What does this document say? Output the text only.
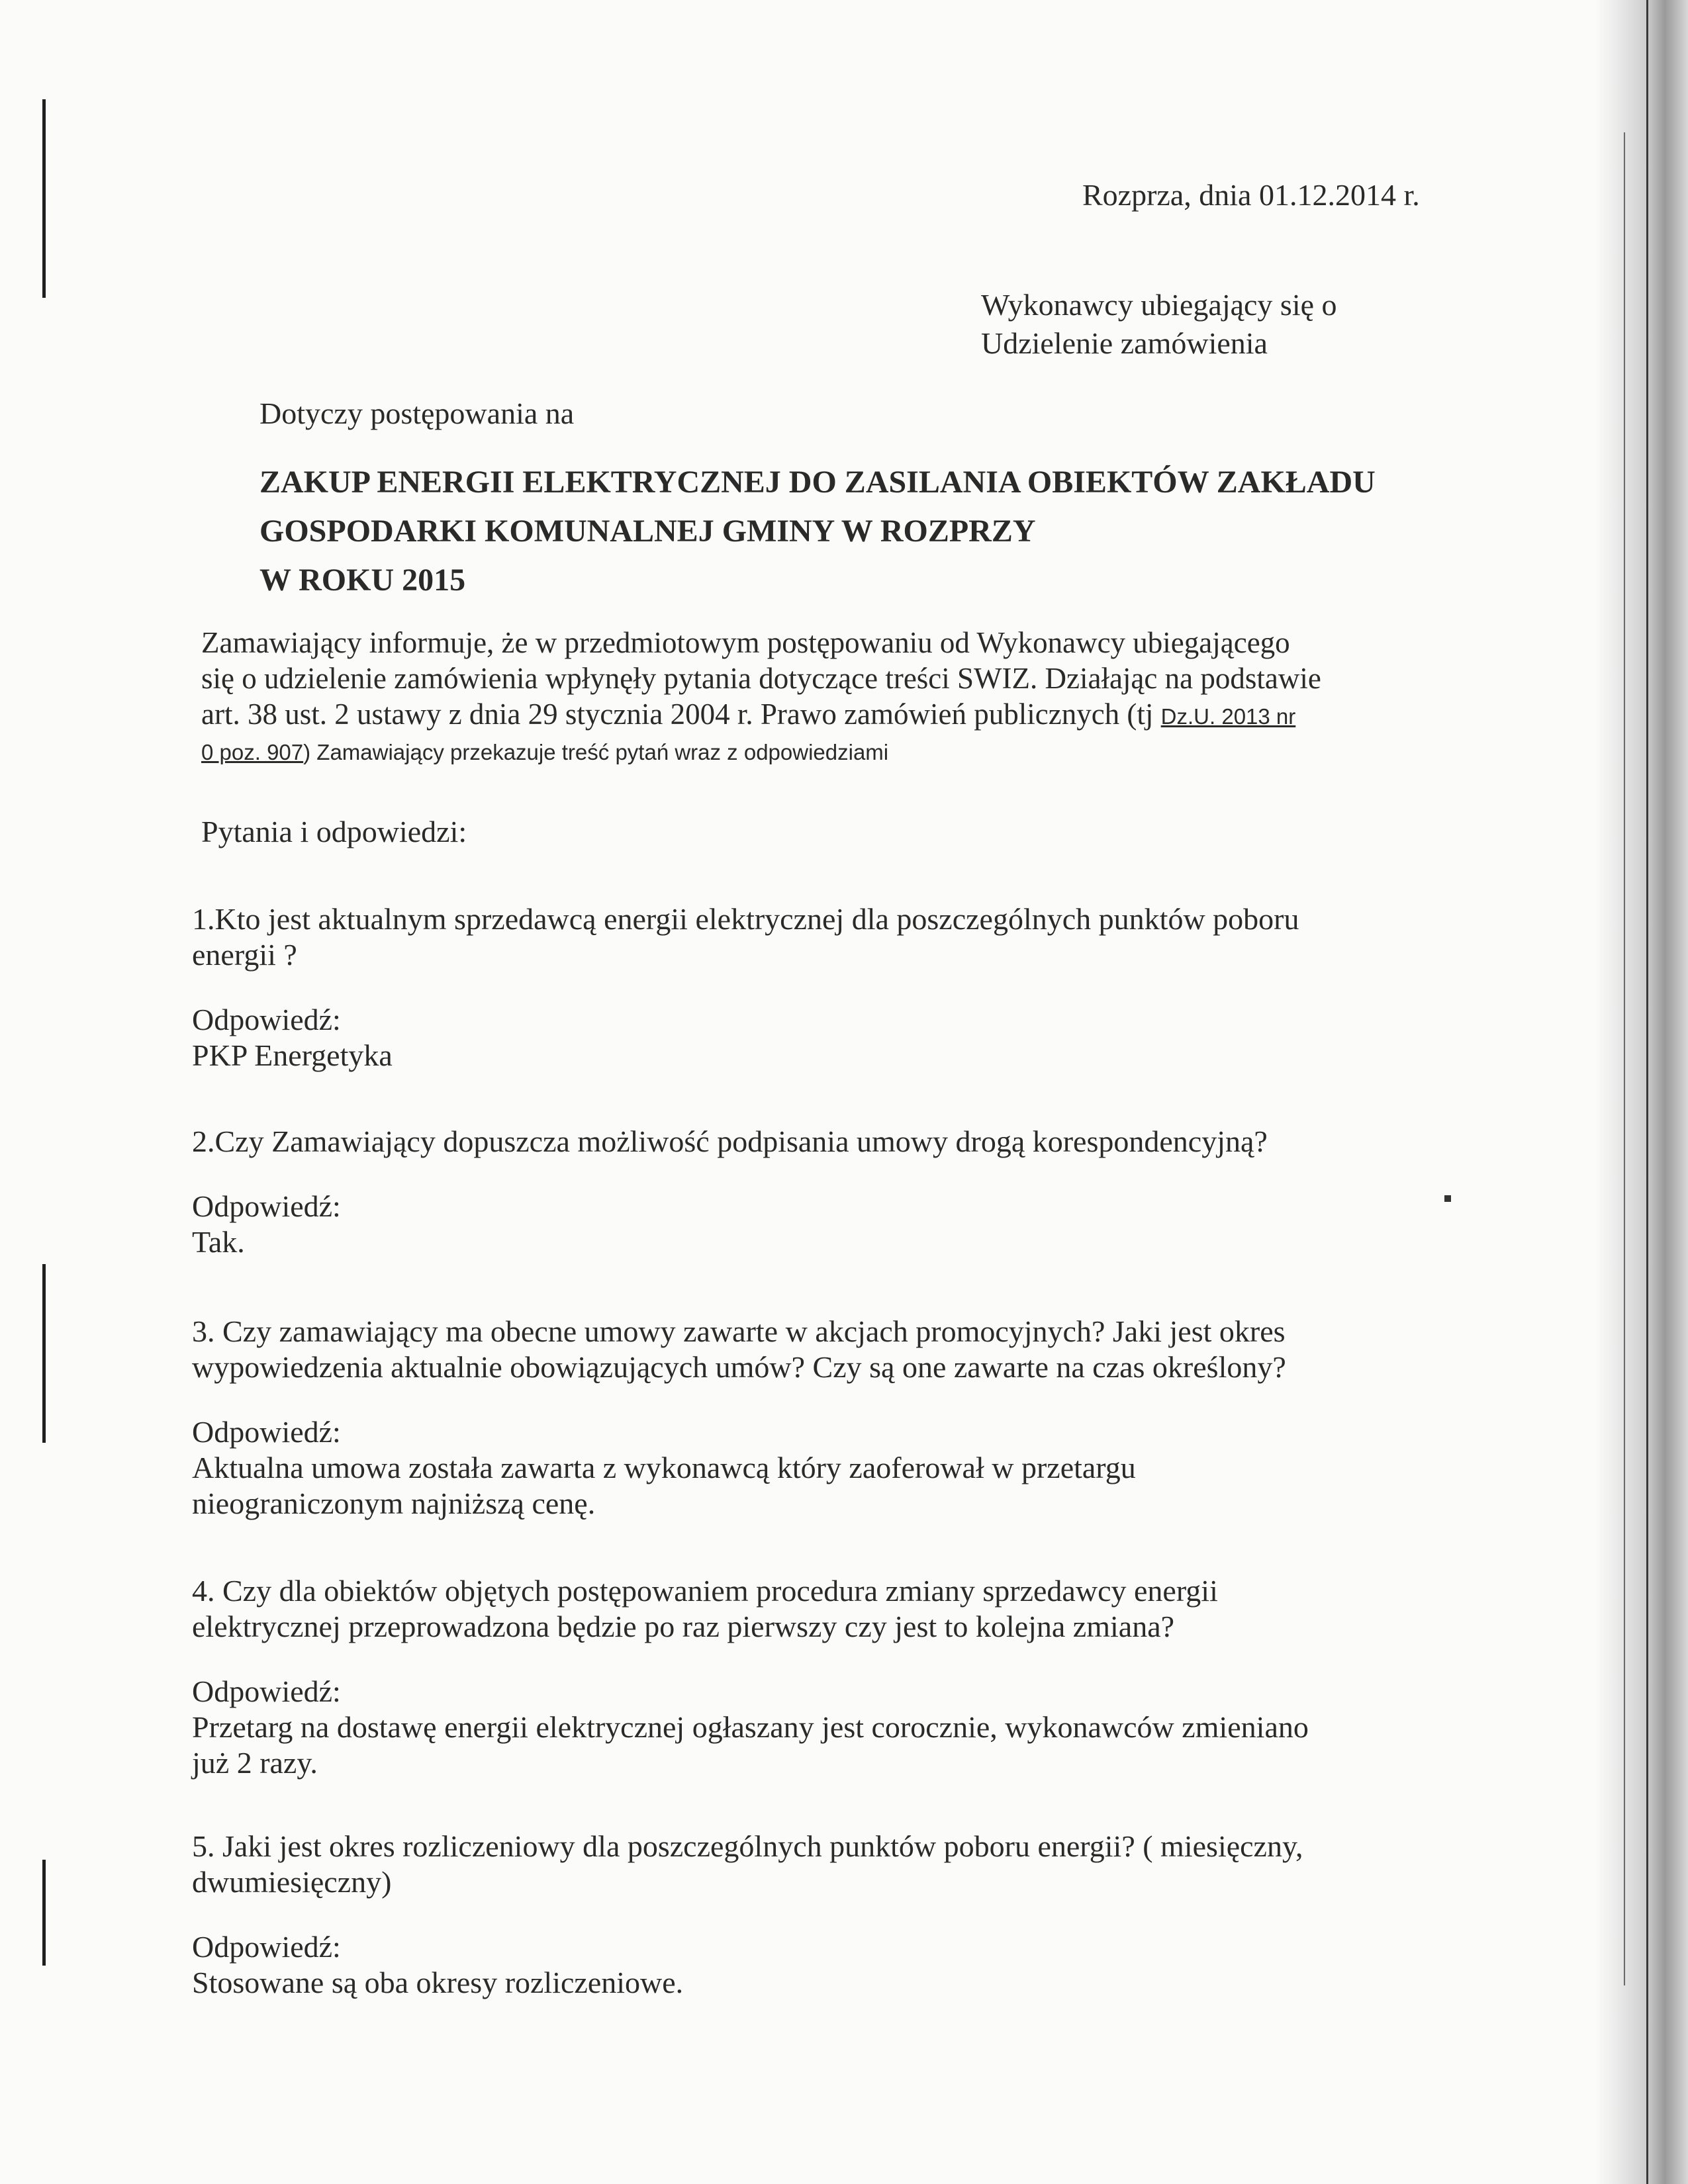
Rozprza, dnia 01.12.2014 r.

Wykonawcy ubiegający się o
Udzielenie zamówienia

Dotyczy postępowania na

ZAKUP ENERGII ELEKTRYCZNEJ DO ZASILANIA OBIEKTÓW ZAKŁADU
GOSPODARKI KOMUNALNEJ GMINY W ROZPRZY
W ROKU 2015
Zamawiający informuje, że w przedmiotowym postępowaniu od Wykonawcy ubiegającego
się o udzielenie zamówienia wpłynęły pytania dotyczące treści SWIZ. Działając na podstawie
art. 38 ust. 2 ustawy z dnia 29 stycznia 2004 r. Prawo zamówień publicznych (tj Dz.U. 2013 nr
0 poz. 907) Zamawiający przekazuje treść pytań wraz z odpowiedziami

Pytania i odpowiedzi:

1.Kto jest aktualnym sprzedawcą energii elektrycznej dla poszczególnych punktów poboru
energii ?

Odpowiedź:
PKP Energetyka

2.Czy Zamawiający dopuszcza możliwość podpisania umowy drogą korespondencyjną?

Odpowiedź:
Tak.

3. Czy zamawiający ma obecne umowy zawarte w akcjach promocyjnych? Jaki jest okres
wypowiedzenia aktualnie obowiązujących umów? Czy są one zawarte na czas określony?

Odpowiedź:
Aktualna umowa została zawarta z wykonawcą który zaoferował w przetargu
nieograniczonym najniższą cenę.

4. Czy dla obiektów objętych postępowaniem procedura zmiany sprzedawcy energii
elektrycznej przeprowadzona będzie po raz pierwszy czy jest to kolejna zmiana?

Odpowiedź:
Przetarg na dostawę energii elektrycznej ogłaszany jest corocznie, wykonawców zmieniano
już 2 razy.

5. Jaki jest okres rozliczeniowy dla poszczególnych punktów poboru energii? ( miesięczny,
dwumiesięczny)

Odpowiedź:
Stosowane są oba okresy rozliczeniowe.
